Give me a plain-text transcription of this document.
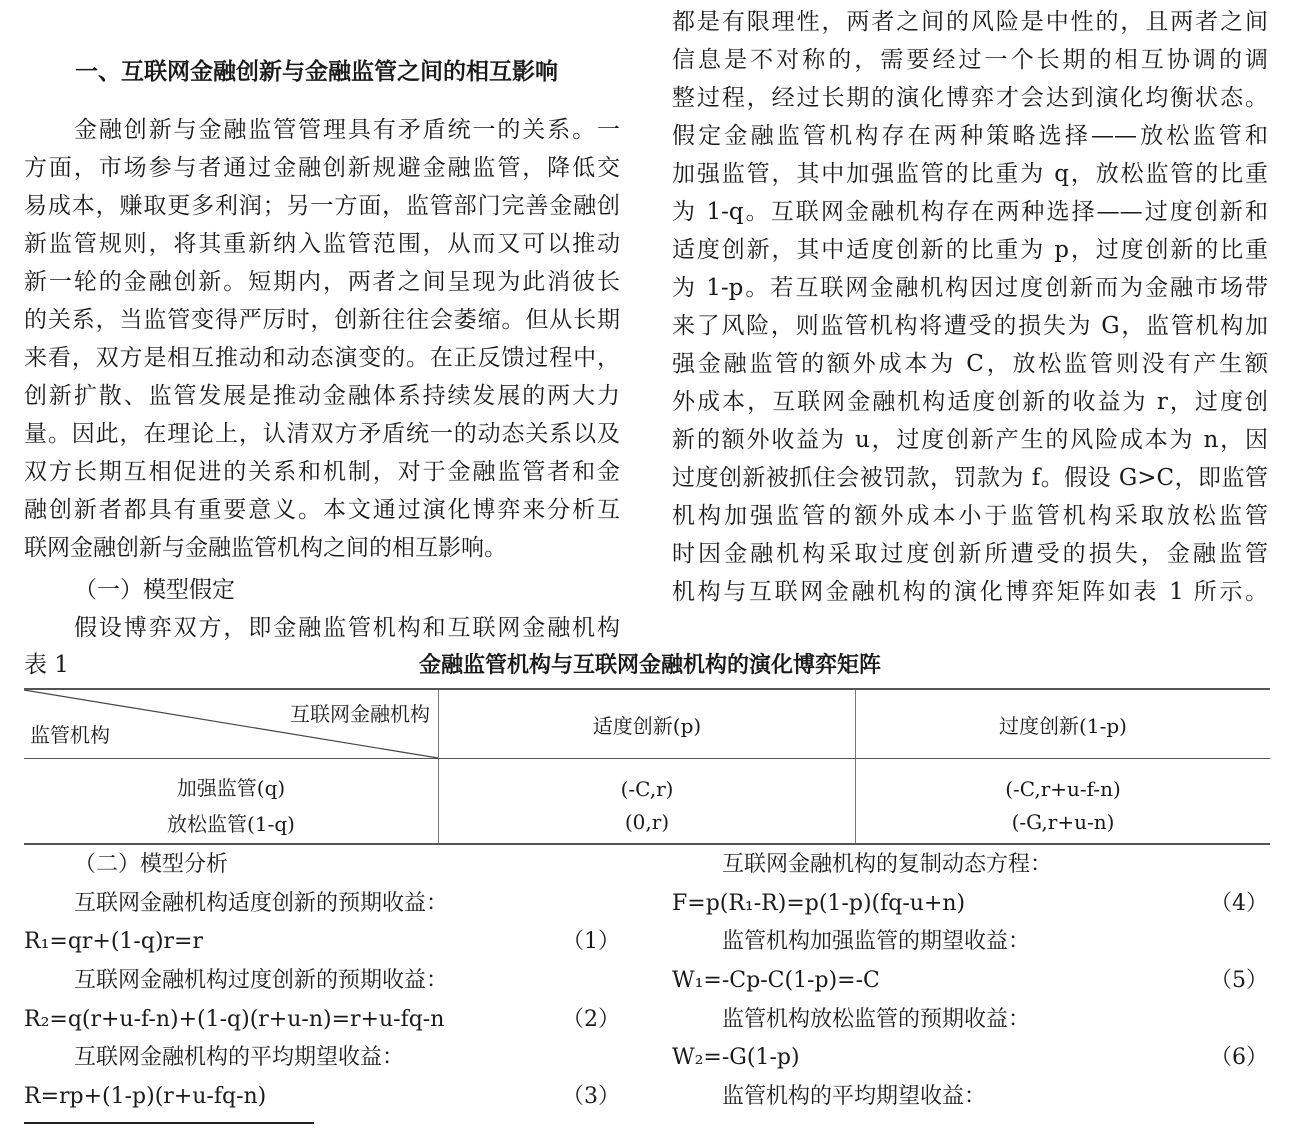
一、互联网金融创新与金融监管之间的相互影响
金融创新与金融监管管理具有矛盾统一的关系。一
方面，市场参与者通过金融创新规避金融监管，降低交
易成本，赚取更多利润；另一方面，监管部门完善金融创
新监管规则，将其重新纳入监管范围，从而又可以推动
新一轮的金融创新。短期内，两者之间呈现为此消彼长
的关系，当监管变得严厉时，创新往往会萎缩。但从长期
来看，双方是相互推动和动态演变的。在正反馈过程中，
创新扩散、监管发展是推动金融体系持续发展的两大力
量。因此，在理论上，认清双方矛盾统一的动态关系以及
双方长期互相促进的关系和机制，对于金融监管者和金
融创新者都具有重要意义。本文通过演化博弈来分析互
联网金融创新与金融监管机构之间的相互影响。
（一）模型假定
假设博弈双方，即金融监管机构和互联网金融机构
都是有限理性，两者之间的风险是中性的，且两者之间
信息是不对称的，需要经过一个长期的相互协调的调
整过程，经过长期的演化博弈才会达到演化均衡状态。
假定金融监管机构存在两种策略选择——放松监管和
加强监管，其中加强监管的比重为 q，放松监管的比重
为 1-q。互联网金融机构存在两种选择——过度创新和
适度创新，其中适度创新的比重为 p，过度创新的比重
为 1-p。若互联网金融机构因过度创新而为金融市场带
来了风险，则监管机构将遭受的损失为 G，监管机构加
强金融监管的额外成本为 C，放松监管则没有产生额
外成本，互联网金融机构适度创新的收益为 r，过度创
新的额外收益为 u，过度创新产生的风险成本为 n，因
过度创新被抓住会被罚款，罚款为 f。假设 G>C，即监管
机构加强监管的额外成本小于监管机构采取放松监管
时因金融机构采取过度创新所遭受的损失，金融监管
机构与互联网金融机构的演化博弈矩阵如表 1 所示。
表 1	金融监管机构与互联网金融机构的演化博弈矩阵
互联网金融机构
监管机构	适度创新(p)	过度创新(1-p)
加强监管(q)	(-C,r)	(-C,r+u-f-n)
放松监管(1-q)	(0,r)	(-G,r+u-n)
（二）模型分析
互联网金融机构适度创新的预期收益：
R₁=qr+(1-q)r=r	（1）
互联网金融机构过度创新的预期收益：
R₂=q(r+u-f-n)+(1-q)(r+u-n)=r+u-fq-n	（2）
互联网金融机构的平均期望收益：
R=rp+(1-p)(r+u-fq-n)	（3）
互联网金融机构的复制动态方程：
F=p(R₁-R)=p(1-p)(fq-u+n)	（4）
监管机构加强监管的期望收益：
W₁=-Cp-C(1-p)=-C	（5）
监管机构放松监管的预期收益：
W₂=-G(1-p)	（6）
监管机构的平均期望收益：
